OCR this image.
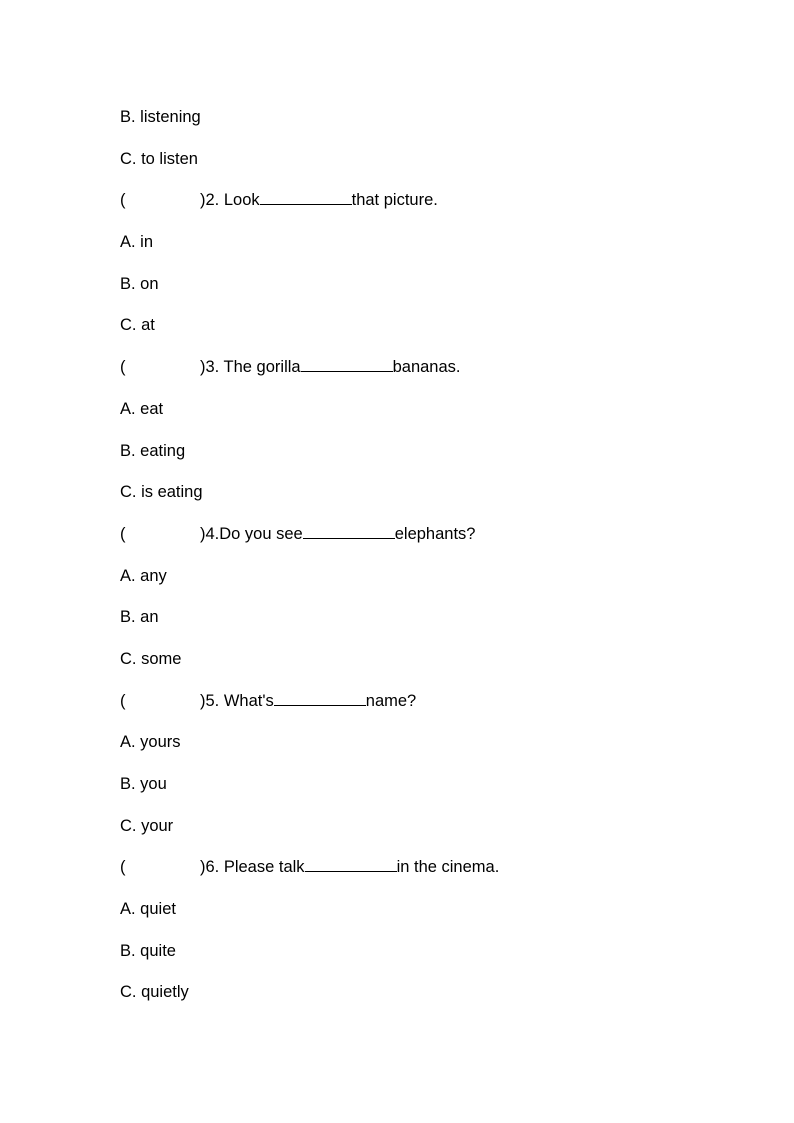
B. listening
C. to listen
(	)2. Look	that picture.
A. in
B. on
C. at
(	)3. The gorilla	bananas.
A. eat
B. eating
C. is eating
(	)4.Do you see	elephants?
A. any
B. an
C. some
(	)5. What's	name?
A. yours
B. you
C. your
(	)6. Please talk	in the cinema.
A. quiet
B. quite
C. quietly
